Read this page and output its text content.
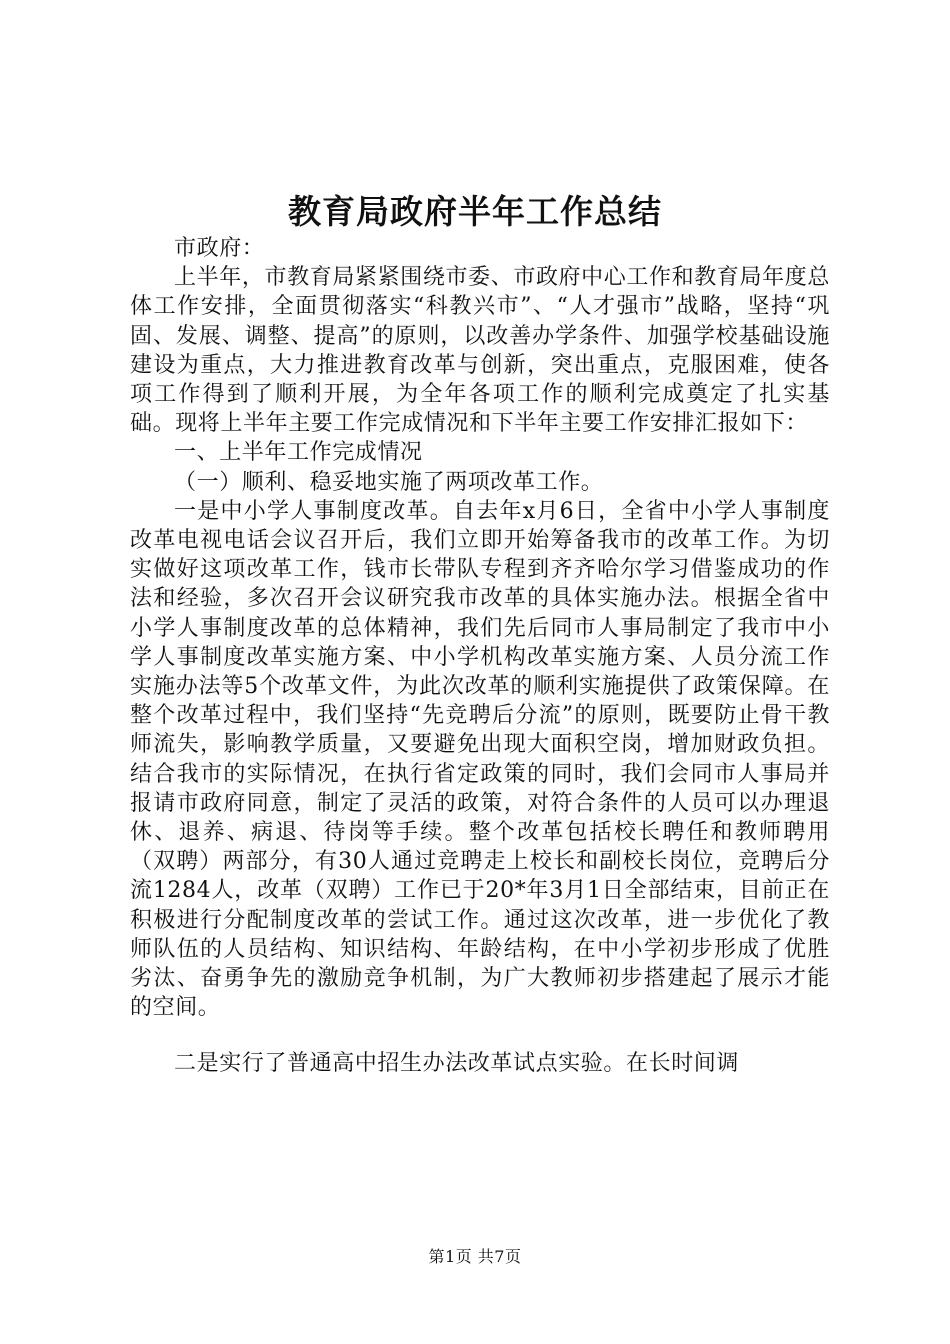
教育局政府半年工作总结

市政府：

上半年，市教育局紧紧围绕市委、市政府中心工作和教育局年度总体工作安排，全面贯彻落实“科教兴市”、“人才强市”战略，坚持“巩固、发展、调整、提高”的原则，以改善办学条件、加强学校基础设施建设为重点，大力推进教育改革与创新，突出重点，克服困难，使各项工作得到了顺利开展，为全年各项工作的顺利完成奠定了扎实基础。现将上半年主要工作完成情况和下半年主要工作安排汇报如下：

一、上半年工作完成情况

（一）顺利、稳妥地实施了两项改革工作。

一是中小学人事制度改革。自去年x月6日，全省中小学人事制度改革电视电话会议召开后，我们立即开始筹备我市的改革工作。为切实做好这项改革工作，钱市长带队专程到齐齐哈尔学习借鉴成功的作法和经验，多次召开会议研究我市改革的具体实施办法。根据全省中小学人事制度改革的总体精神，我们先后同市人事局制定了我市中小学人事制度改革实施方案、中小学机构改革实施方案、人员分流工作实施办法等5个改革文件，为此次改革的顺利实施提供了政策保障。在整个改革过程中，我们坚持“先竞聘后分流”的原则，既要防止骨干教师流失，影响教学质量，又要避免出现大面积空岗，增加财政负担。结合我市的实际情况，在执行省定政策的同时，我们会同市人事局并报请市政府同意，制定了灵活的政策，对符合条件的人员可以办理退休、退养、病退、待岗等手续。整个改革包括校长聘任和教师聘用（双聘）两部分，有30人通过竞聘走上校长和副校长岗位，竞聘后分流1284人，改革（双聘）工作已于20*年3月1日全部结束，目前正在积极进行分配制度改革的尝试工作。通过这次改革，进一步优化了教师队伍的人员结构、知识结构、年龄结构，在中小学初步形成了优胜劣汰、奋勇争先的激励竞争机制，为广大教师初步搭建起了展示才能的空间。

二是实行了普通高中招生办法改革试点实验。在长时间调

第1页 共7页
